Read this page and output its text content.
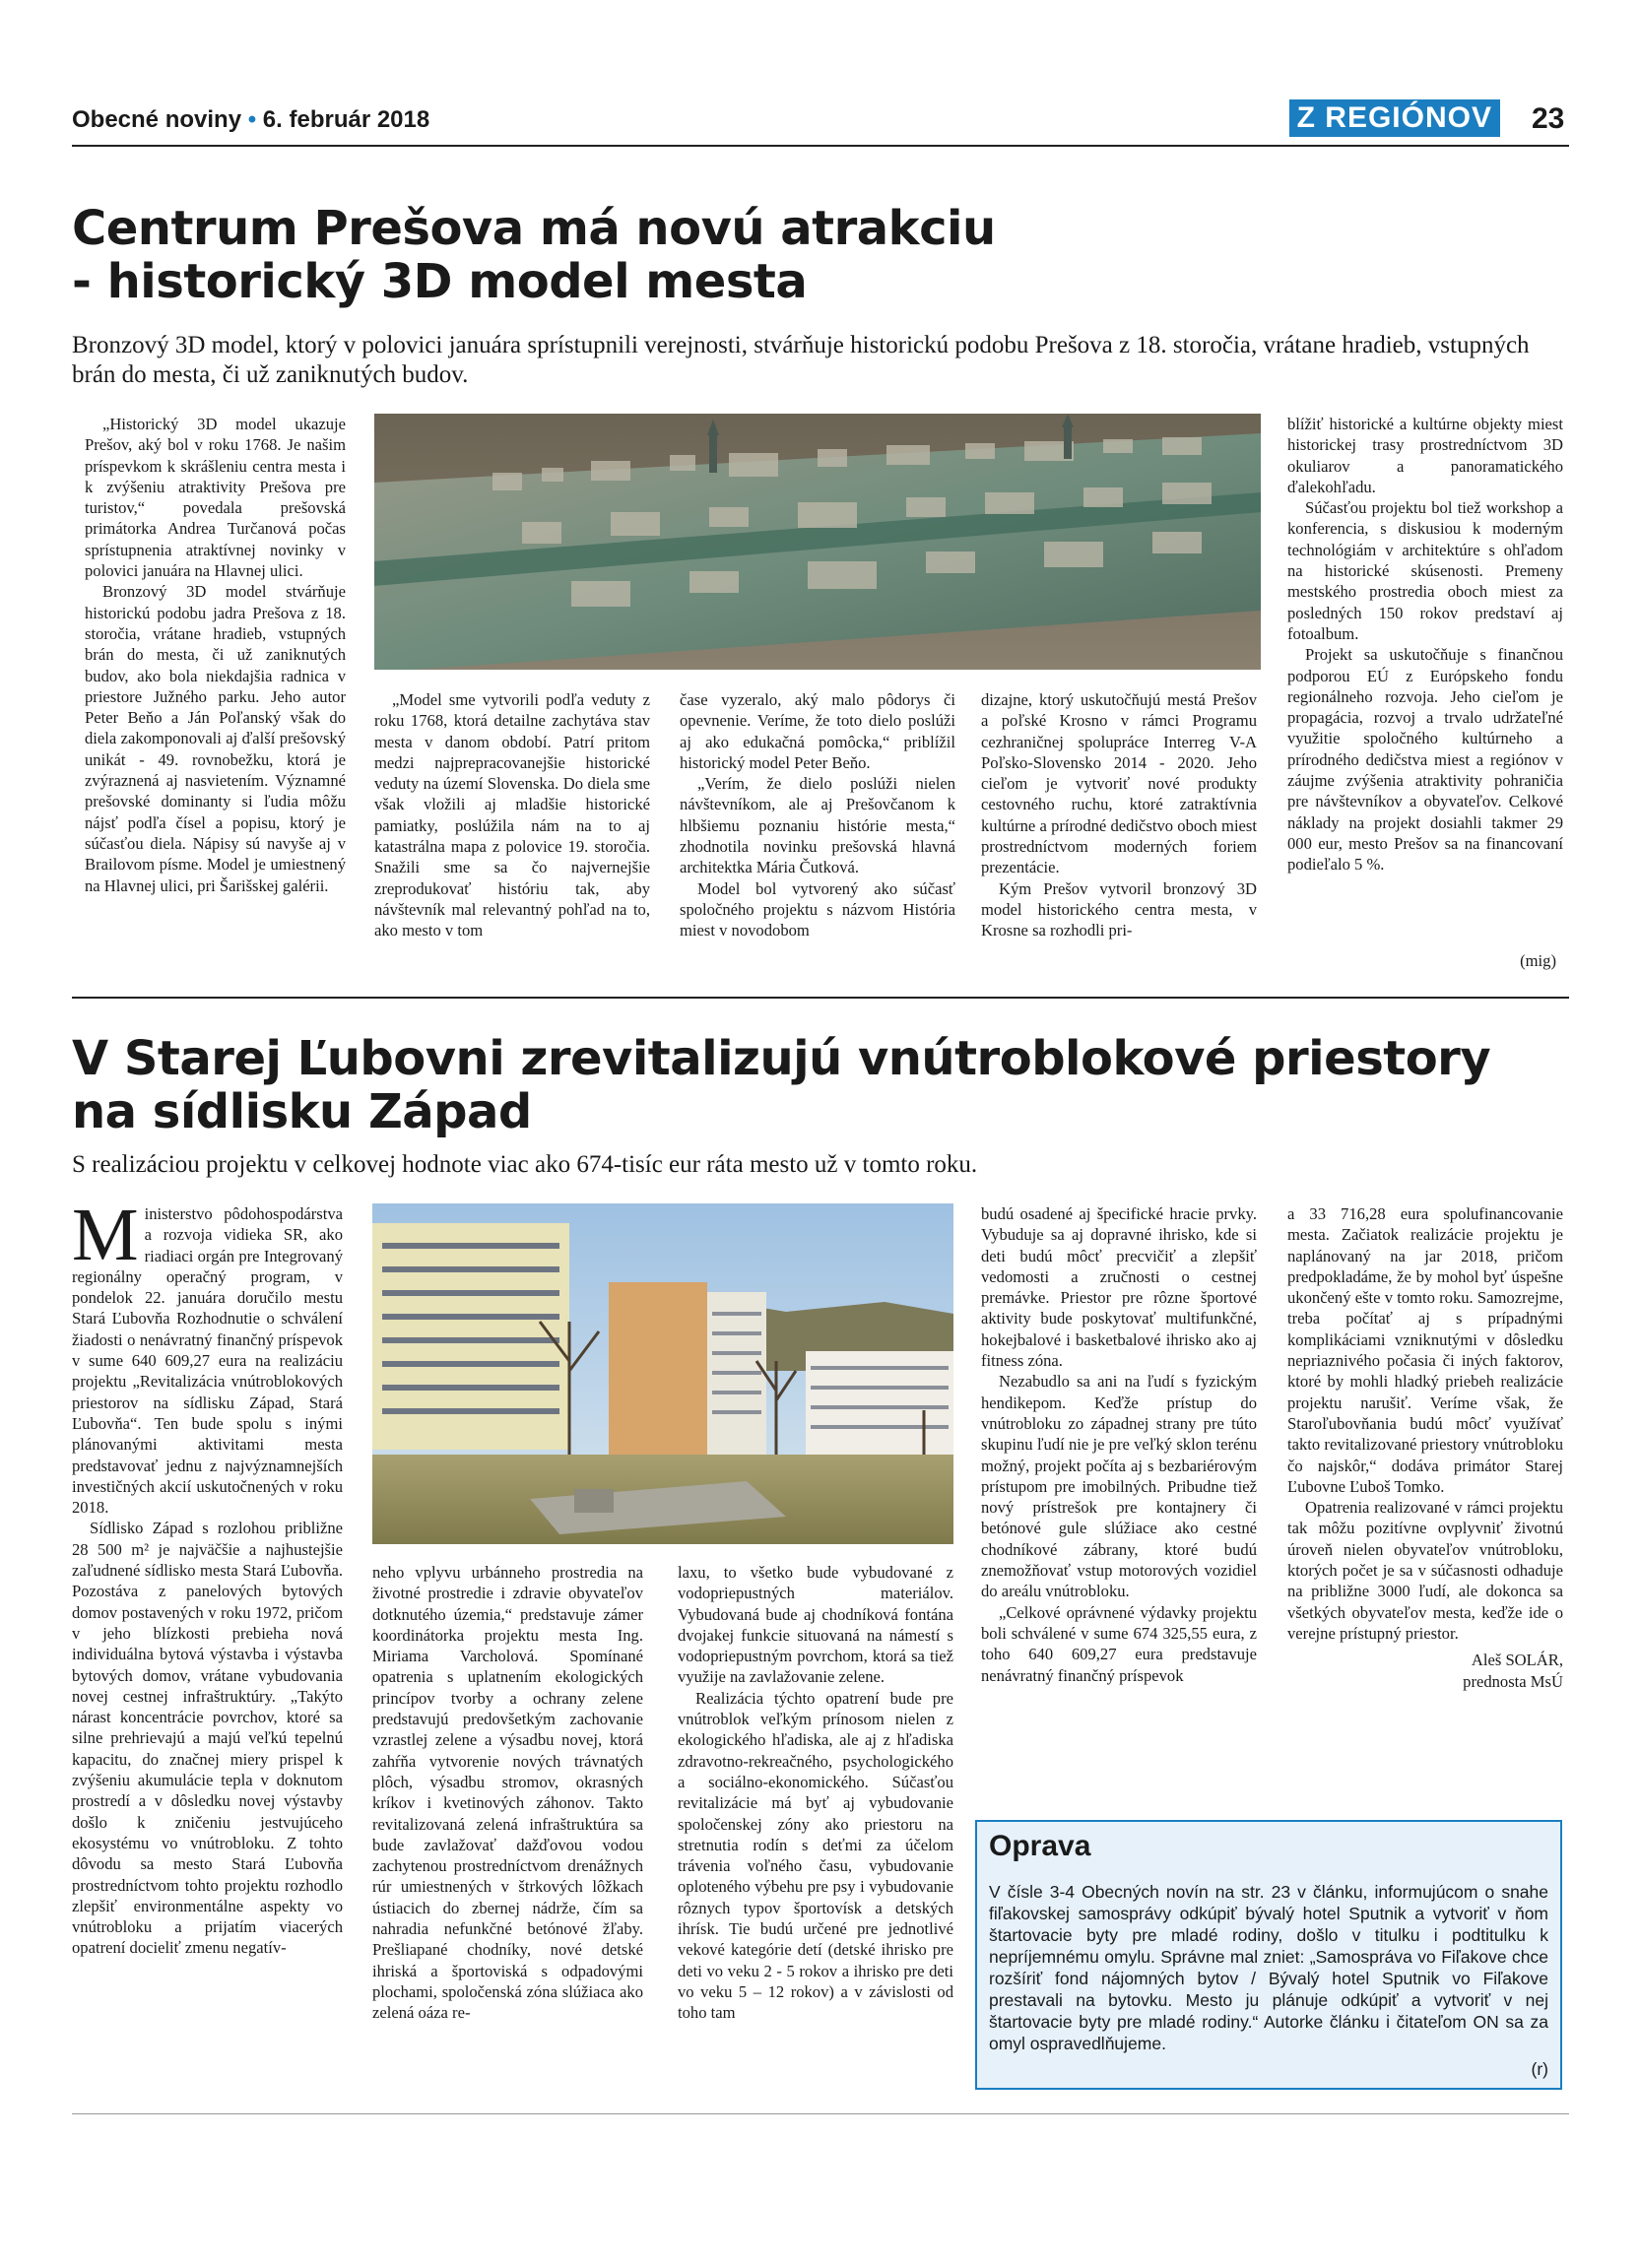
Obecné noviny • 6. február 2018	Z REGIÓNOV 23
Centrum Prešova má novú atrakciu
- historický 3D model mesta
Bronzový 3D model, ktorý v polovici januára sprístupnili verejnosti, stvárňuje historickú podobu Prešova z 18. storočia, vrátane hradieb, vstupných brán do mesta, či už zaniknutých budov.

„Historický 3D model ukazuje Prešov, aký bol v roku 1768. Je našim príspevkom k skrášleniu centra mesta i k zvýšeniu atraktivity Prešova pre turistov,“ povedala prešovská primátorka Andrea Turčanová počas sprístupnenia atraktívnej novinky v polovici januára na Hlavnej ulici.

Bronzový 3D model stvárňuje historickú podobu jadra Prešova z 18. storočia, vrátane hradieb, vstupných brán do mesta, či už zaniknutých budov, ako bola niekdajšia radnica v priestore Južného parku. Jeho autor Peter Beňo a Ján Poľanský však do diela zakomponovali aj ďalší prešovský unikát - 49. rovnobežku, ktorá je zvýraznená aj nasvietením. Významné prešovské dominanty si ľudia môžu nájsť podľa čísel a popisu, ktorý je súčasťou diela. Nápisy sú navyše aj v Brailovom písme. Model je umiestnený na Hlavnej ulici, pri Šarišskej galérii.

„Model sme vytvorili podľa veduty z roku 1768, ktorá detailne zachytáva stav mesta v danom období. Patrí pritom medzi najprepracovanejšie historické veduty na území Slovenska. Do diela sme však vložili aj mladšie historické pamiatky, poslúžila nám na to aj katastrálna mapa z polovice 19. storočia. Snažili sme sa čo najvernejšie zreprodukovať históriu tak, aby návštevník mal relevantný pohľad na to, ako mesto v tom

čase vyzeralo, aký malo pôdorys či opevnenie. Veríme, že toto dielo poslúži aj ako edukačná pomôcka,“ priblížil historický model Peter Beňo.

„Verím, že dielo poslúži nielen návštevníkom, ale aj Prešovčanom k hlbšiemu poznaniu histórie mesta,“ zhodnotila novinku prešovská hlavná architektka Mária Čutková.

Model bol vytvorený ako súčasť spoločného projektu s názvom História miest v novodobom

dizajne, ktorý uskutočňujú mestá Prešov a poľské Krosno v rámci Programu cezhraničnej spolupráce Interreg V-A Poľsko-Slovensko 2014 - 2020. Jeho cieľom je vytvoriť nové produkty cestovného ruchu, ktoré zatraktívnia kultúrne a prírodné dedičstvo oboch miest prostredníctvom moderných foriem prezentácie.

Kým Prešov vytvoril bronzový 3D model historického centra mesta, v Krosne sa rozhodli pri-

blížiť historické a kultúrne objekty miest historickej trasy prostredníctvom 3D okuliarov a panoramatického ďalekohľadu.

Súčasťou projektu bol tiež workshop a konferencia, s diskusiou k moderným technológiám v architektúre s ohľadom na historické skúsenosti. Premeny mestského prostredia oboch miest za posledných 150 rokov predstaví aj fotoalbum.

Projekt sa uskutočňuje s finančnou podporou EÚ z Európskeho fondu regionálneho rozvoja. Jeho cieľom je propagácia, rozvoj a trvalo udržateľné využitie spoločného kultúrneho a prírodného dedičstva miest a regiónov v záujme zvýšenia atraktivity pohraničia pre návštevníkov a obyvateľov. Celkové náklady na projekt dosiahli takmer 29 000 eur, mesto Prešov sa na financovaní podieľalo 5 %.

(mig)
V Starej Ľubovni zrevitalizujú vnútroblokové priestory
na sídlisku Západ
S realizáciou projektu v celkovej hodnote viac ako 674-tisíc eur ráta mesto už v tomto roku.

Ministerstvo pôdohospodárstva a rozvoja vidieka SR, ako riadiaci orgán pre Integrovaný regionálny operačný program, v pondelok 22. januára doručilo mestu Stará Ľubovňa Rozhodnutie o schválení žiadosti o nenávratný finančný príspevok v sume 640 609,27 eura na realizáciu projektu „Revitalizácia vnútroblokových priestorov na sídlisku Západ, Stará Ľubovňa“. Ten bude spolu s inými plánovanými aktivitami mesta predstavovať jednu z najvýznamnejších investičných akcií uskutočnených v roku 2018.

Sídlisko Západ s rozlohou približne 28 500 m² je najväčšie a najhustejšie zaľudnené sídlisko mesta Stará Ľubovňa. Pozostáva z panelových bytových domov postavených v roku 1972, pričom v jeho blízkosti prebieha nová individuálna bytová výstavba i výstavba bytových domov, vrátane vybudovania novej cestnej infraštruktúry. „Takýto nárast koncentrácie povrchov, ktoré sa silne prehrievajú a majú veľkú tepelnú kapacitu, do značnej miery prispel k zvýšeniu akumulácie tepla v doknutom prostredí a v dôsledku novej výstavby došlo k zničeniu jestvujúceho ekosystému vo vnútrobloku. Z tohto dôvodu sa mesto Stará Ľubovňa prostredníctvom tohto projektu rozhodlo zlepšiť environmentálne aspekty vo vnútrobloku a prijatím viacerých opatrení docieliť zmenu negatív-

neho vplyvu urbánneho prostredia na životné prostredie i zdravie obyvateľov dotknutého územia,“ predstavuje zámer koordinátorka projektu mesta Ing. Miriama Varcholová. Spomínané opatrenia s uplatnením ekologických princípov tvorby a ochrany zelene predstavujú predovšetkým zachovanie vzrastlej zelene a výsadbu novej, ktorá zahŕňa vytvorenie nových trávnatých plôch, výsadbu stromov, okrasných kríkov i kvetinových záhonov. Takto revitalizovaná zelená infraštruktúra sa bude zavlažovať dažďovou vodou zachytenou prostredníctvom drenážnych rúr umiestnených v štrkových lôžkach ústiacich do zbernej nádrže, čím sa nahradia nefunkčné betónové žľaby. Prešliapané chodníky, nové detské ihriská a športoviská s odpadovými plochami, spoločenská zóna slúžiaca ako zelená oáza re-

laxu, to všetko bude vybudované z vodopriepustných materiálov. Vybudovaná bude aj chodníková fontána dvojakej funkcie situovaná na námestí s vodopriepustným povrchom, ktorá sa tiež využije na zavlažovanie zelene.

Realizácia týchto opatrení bude pre vnútroblok veľkým prínosom nielen z ekologického hľadiska, ale aj z hľadiska zdravotno-rekreačného, psychologického a sociálno-ekonomického. Súčasťou revitalizácie má byť aj vybudovanie spoločenskej zóny ako priestoru na stretnutia rodín s deťmi za účelom trávenia voľného času, vybudovanie oploteného výbehu pre psy i vybudovanie rôznych typov športovísk a detských ihrísk. Tie budú určené pre jednotlivé vekové kategórie detí (detské ihrisko pre deti vo veku 2 - 5 rokov a ihrisko pre deti vo veku 5 – 12 rokov) a v závislosti od toho tam

budú osadené aj špecifické hracie prvky. Vybuduje sa aj dopravné ihrisko, kde si deti budú môcť precvičiť a zlepšiť vedomosti a zručnosti o cestnej premávke. Priestor pre rôzne športové aktivity bude poskytovať multifunkčné, hokejbalové i basketbalové ihrisko ako aj fitness zóna.

Nezabudlo sa ani na ľudí s fyzickým hendikepom. Keďže prístup do vnútrobloku zo západnej strany pre túto skupinu ľudí nie je pre veľký sklon terénu možný, projekt počíta aj s bezbariérovým prístupom pre imobilných. Pribudne tiež nový prístrešok pre kontajnery či betónové gule slúžiace ako cestné chodníkové zábrany, ktoré budú znemožňovať vstup motorových vozidiel do areálu vnútrobloku.

„Celkové oprávnené výdavky projektu boli schválené v sume 674 325,55 eura, z toho 640 609,27 eura predstavuje nenávratný finančný príspevok

a 33 716,28 eura spolufinancovanie mesta. Začiatok realizácie projektu je naplánovaný na jar 2018, pričom predpokladáme, že by mohol byť úspešne ukončený ešte v tomto roku. Samozrejme, treba počítať aj s prípadnými komplikáciami vzniknutými v dôsledku nepriaznivého počasia či iných faktorov, ktoré by mohli hladký priebeh realizácie projektu narušiť. Veríme však, že Staroľubovňania budú môcť využívať takto revitalizované priestory vnútrobloku čo najskôr,“ dodáva primátor Starej Ľubovne Ľuboš Tomko.

Opatrenia realizované v rámci projektu tak môžu pozitívne ovplyvniť životnú úroveň nielen obyvateľov vnútrobloku, ktorých počet je sa v súčasnosti odhaduje na približne 3000 ľudí, ale dokonca sa všetkých obyvateľov mesta, keďže ide o verejne prístupný priestor.

Aleš SOLÁR,
prednosta MsÚ
Oprava
V čísle 3-4 Obecných novín na str. 23 v článku, informujúcom o snahe fiľakovskej samosprávy odkúpiť bývalý hotel Sputnik a vytvoriť v ňom štartovacie byty pre mladé rodiny, došlo v titulku i podtitulku k nepríjemnému omylu. Správne mal zniet: „Samospráva vo Fiľakove chce rozšíriť fond nájomných bytov / Bývalý hotel Sputnik vo Fiľakove prestavali na bytovku. Mesto ju plánuje odkúpiť a vytvoriť v nej štartovacie byty pre mladé rodiny.“ Autorke článku i čitateľom ON sa za omyl ospravedlňujeme.
(r)
